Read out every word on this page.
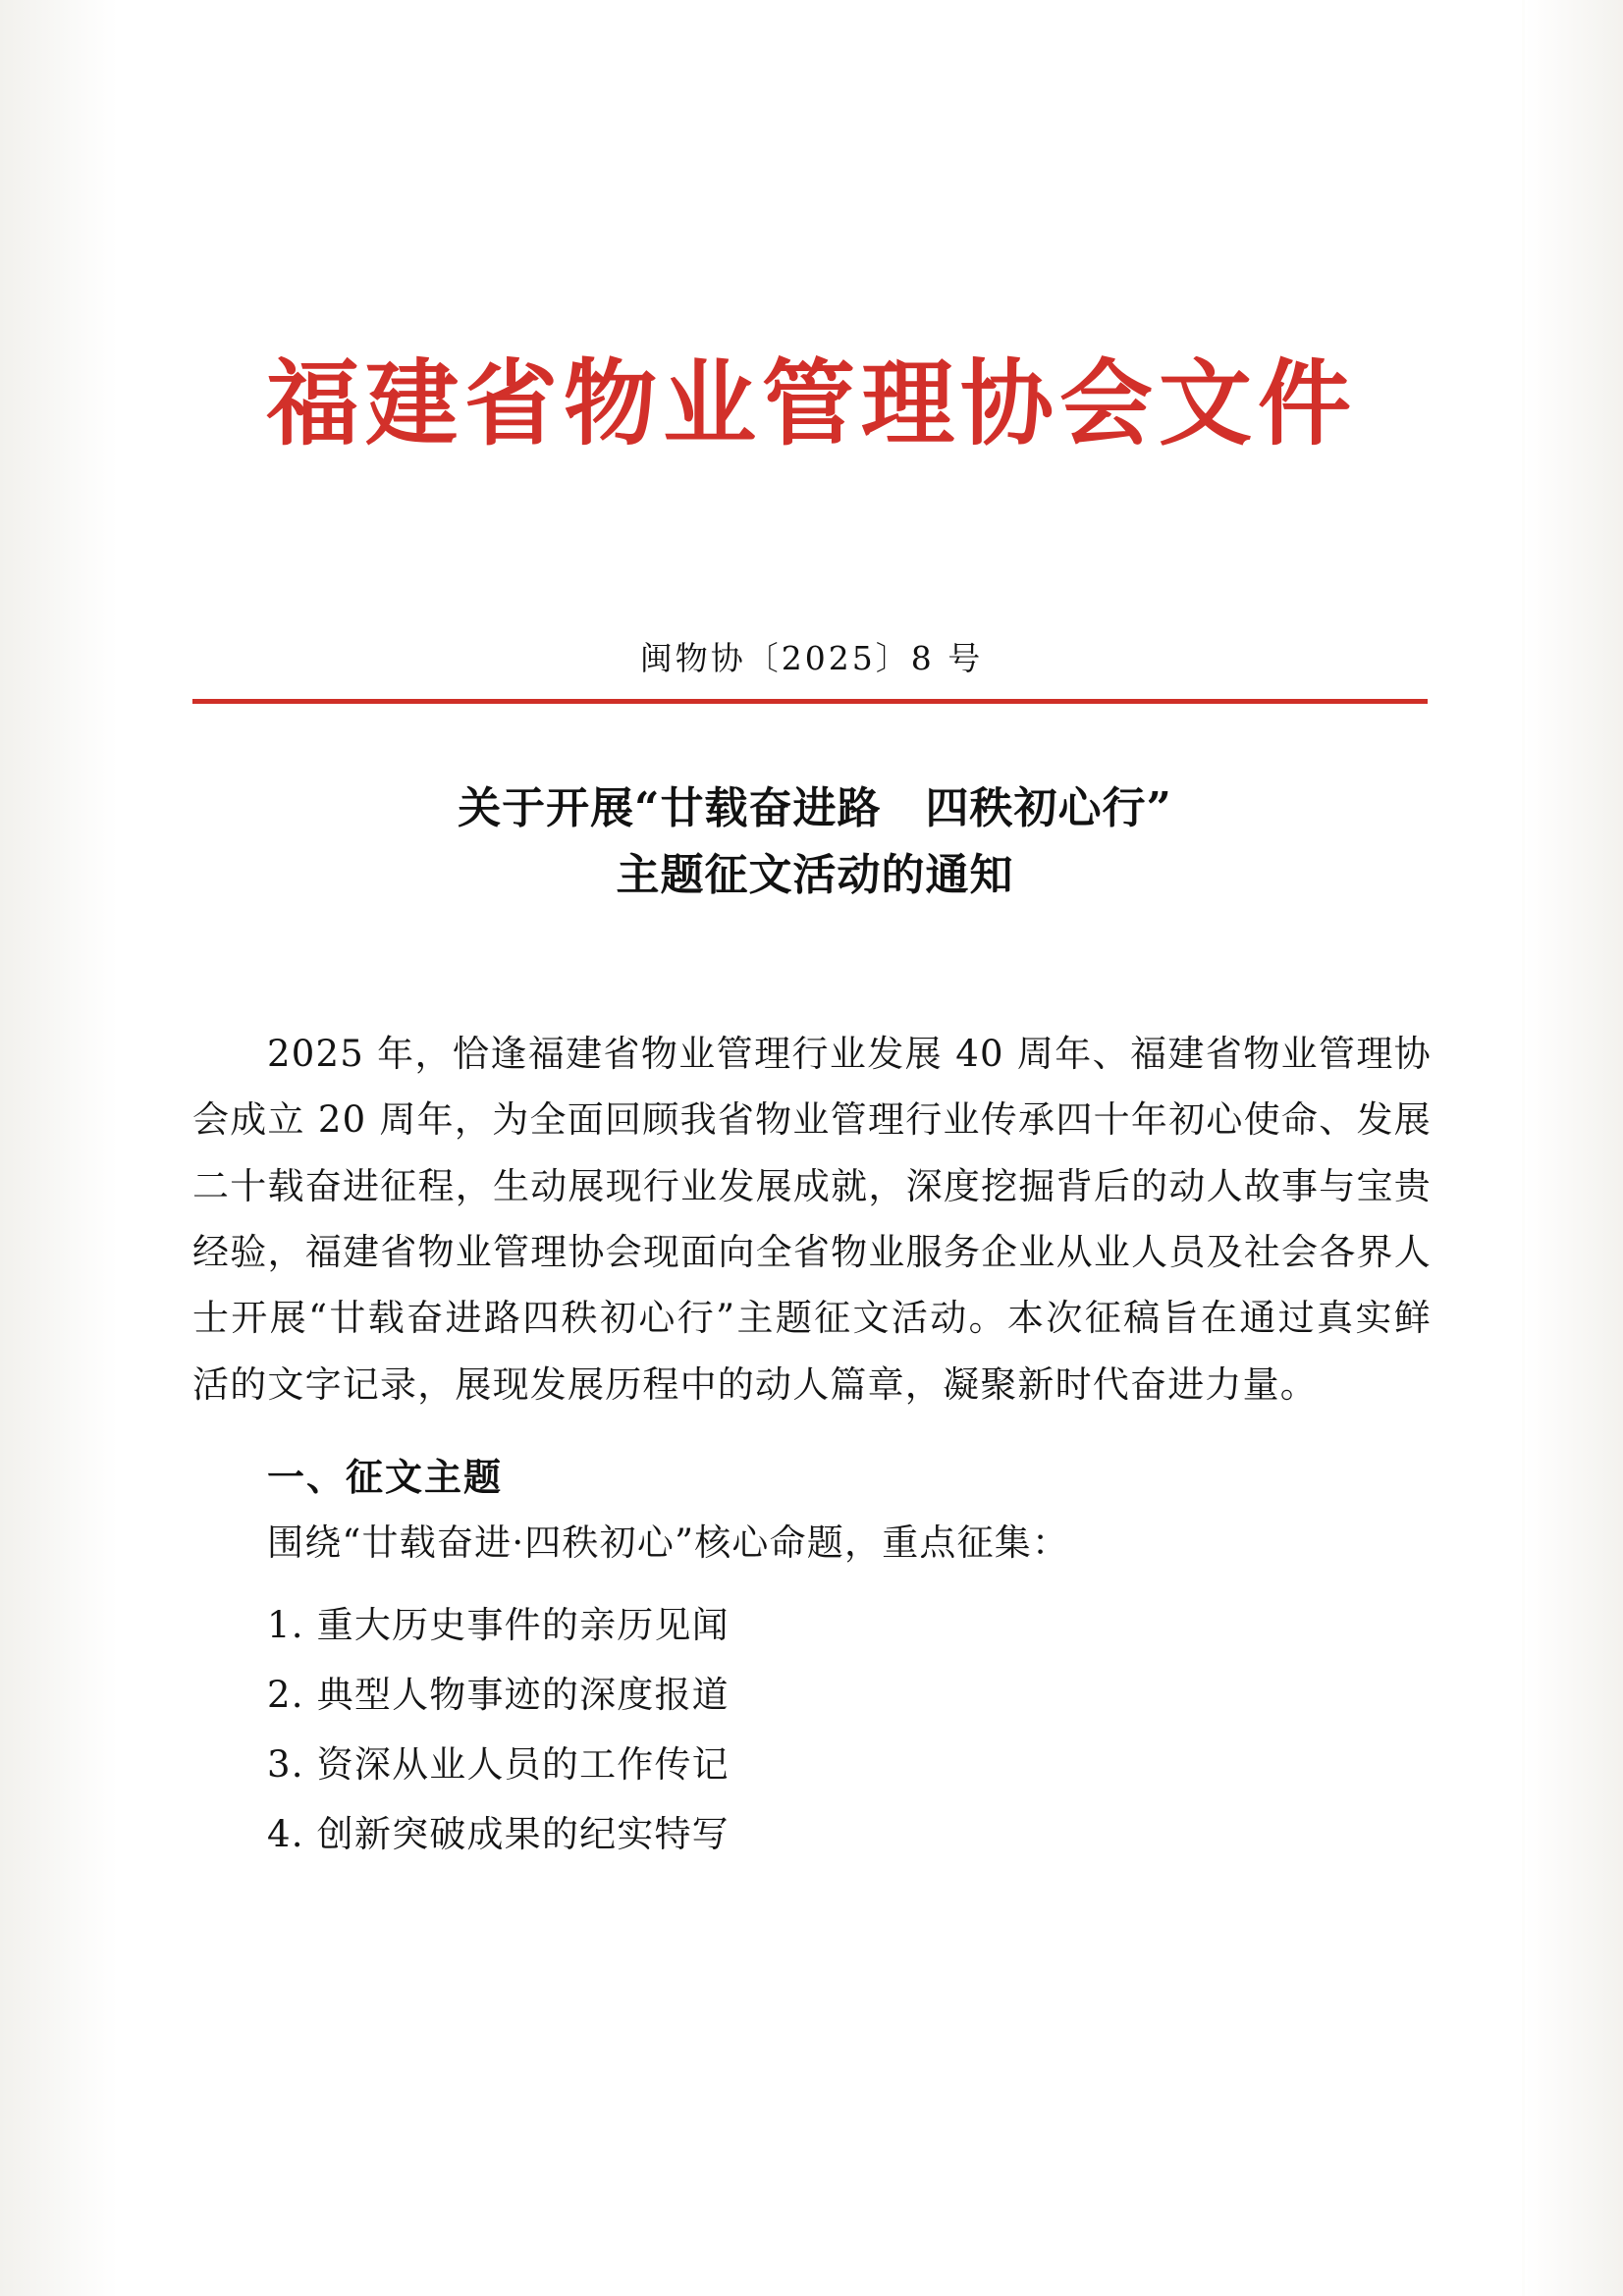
福建省物业管理协会文件
闽物协〔2025〕8 号
关于开展“廿载奋进路　四秩初心行”
主题征文活动的通知

2025 年，恰逢福建省物业管理行业发展 40 周年、福建省物业管理协会成立 20 周年，为全面回顾我省物业管理行业传承四十年初心使命、发展二十载奋进征程，生动展现行业发展成就，深度挖掘背后的动人故事与宝贵经验，福建省物业管理协会现面向全省物业服务企业从业人员及社会各界人士开展“廿载奋进路四秩初心行”主题征文活动。本次征稿旨在通过真实鲜活的文字记录，展现发展历程中的动人篇章，凝聚新时代奋进力量。

一、征文主题
围绕“廿载奋进·四秩初心”核心命题，重点征集：
1. 重大历史事件的亲历见闻
2. 典型人物事迹的深度报道
3. 资深从业人员的工作传记
4. 创新突破成果的纪实特写
